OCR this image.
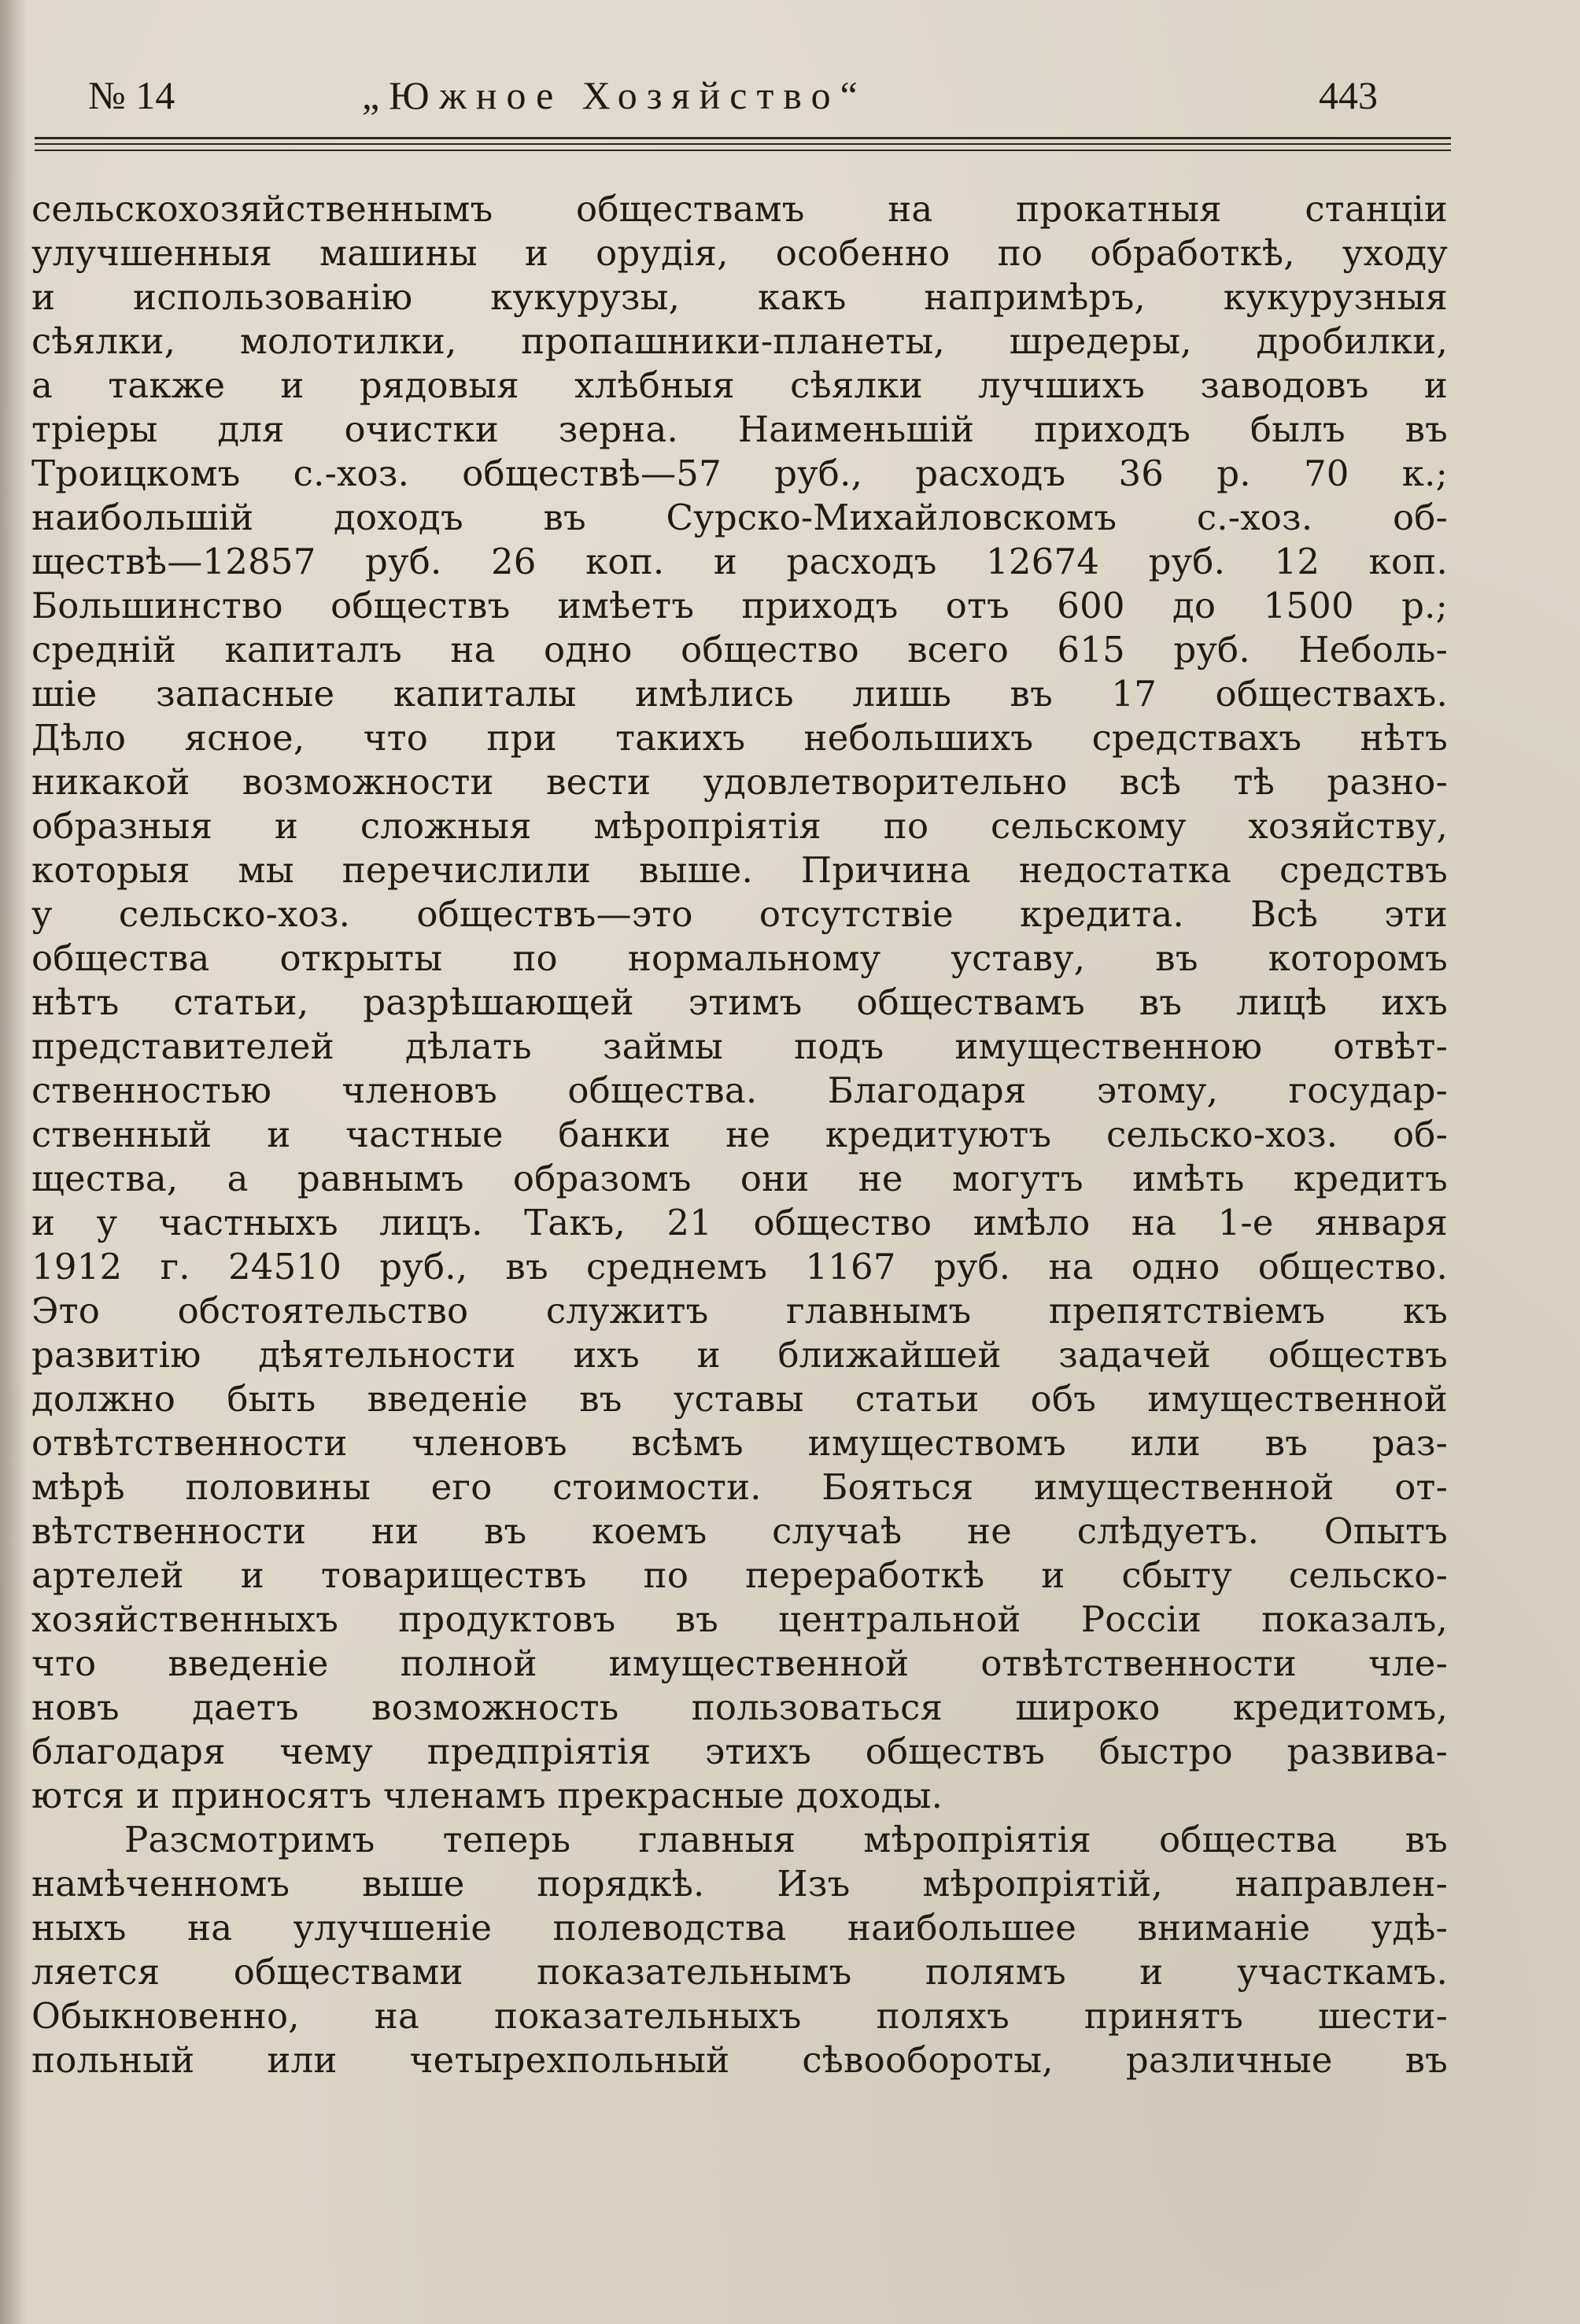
№ 14	„Южное Хозяйство“	443
сельскохозяйственнымъ обществамъ на прокатныя станціи
улучшенныя машины и орудія, особенно по обработкѣ, уходу
и использованію кукурузы, какъ напримѣръ, кукурузныя
сѣялки, молотилки, пропашники-планеты, шредеры, дробилки,
а также и рядовыя хлѣбныя сѣялки лучшихъ заводовъ и
тріеры для очистки зерна. Наименьшій приходъ былъ въ
Троицкомъ с.-хоз. обществѣ—57 руб., расходъ 36 р. 70 к.;
наибольшій доходъ въ Сурско-Михайловскомъ с.-хоз. об-
ществѣ—12857 руб. 26 коп. и расходъ 12674 руб. 12 коп.
Большинство обществъ имѣетъ приходъ отъ 600 до 1500 р.;
средній капиталъ на одно общество всего 615 руб. Неболь-
шіе запасные капиталы имѣлись лишь въ 17 обществахъ.
Дѣло ясное, что при такихъ небольшихъ средствахъ нѣтъ
никакой возможности вести удовлетворительно всѣ тѣ разно-
образныя и сложныя мѣропріятія по сельскому хозяйству,
которыя мы перечислили выше. Причина недостатка средствъ
у сельско-хоз. обществъ—это отсутствіе кредита. Всѣ эти
общества открыты по нормальному уставу, въ которомъ
нѣтъ статьи, разрѣшающей этимъ обществамъ въ лицѣ ихъ
представителей дѣлать займы подъ имущественною отвѣт-
ственностью членовъ общества. Благодаря этому, государ-
ственный и частные банки не кредитуютъ сельско-хоз. об-
щества, а равнымъ образомъ они не могутъ имѣть кредитъ
и у частныхъ лицъ. Такъ, 21 общество имѣло на 1-е января
1912 г. 24510 руб., въ среднемъ 1167 руб. на одно общество.
Это обстоятельство служитъ главнымъ препятствіемъ къ
развитію дѣятельности ихъ и ближайшей задачей обществъ
должно быть введеніе въ уставы статьи объ имущественной
отвѣтственности членовъ всѣмъ имуществомъ или въ раз-
мѣрѣ половины его стоимости. Бояться имущественной от-
вѣтственности ни въ коемъ случаѣ не слѣдуетъ. Опытъ
артелей и товариществъ по переработкѣ и сбыту сельско-
хозяйственныхъ продуктовъ въ центральной Россіи показалъ,
что введеніе полной имущественной отвѣтственности чле-
новъ даетъ возможность пользоваться широко кредитомъ,
благодаря чему предпріятія этихъ обществъ быстро развива-
ются и приносятъ членамъ прекрасные доходы.
Разсмотримъ теперь главныя мѣропріятія общества въ
намѣченномъ выше порядкѣ. Изъ мѣропріятій, направлен-
ныхъ на улучшеніе полеводства наибольшее вниманіе удѣ-
ляется обществами показательнымъ полямъ и участкамъ.
Обыкновенно, на показательныхъ поляхъ принятъ шести-
польный или четырехпольный сѣвообороты, различные въ
